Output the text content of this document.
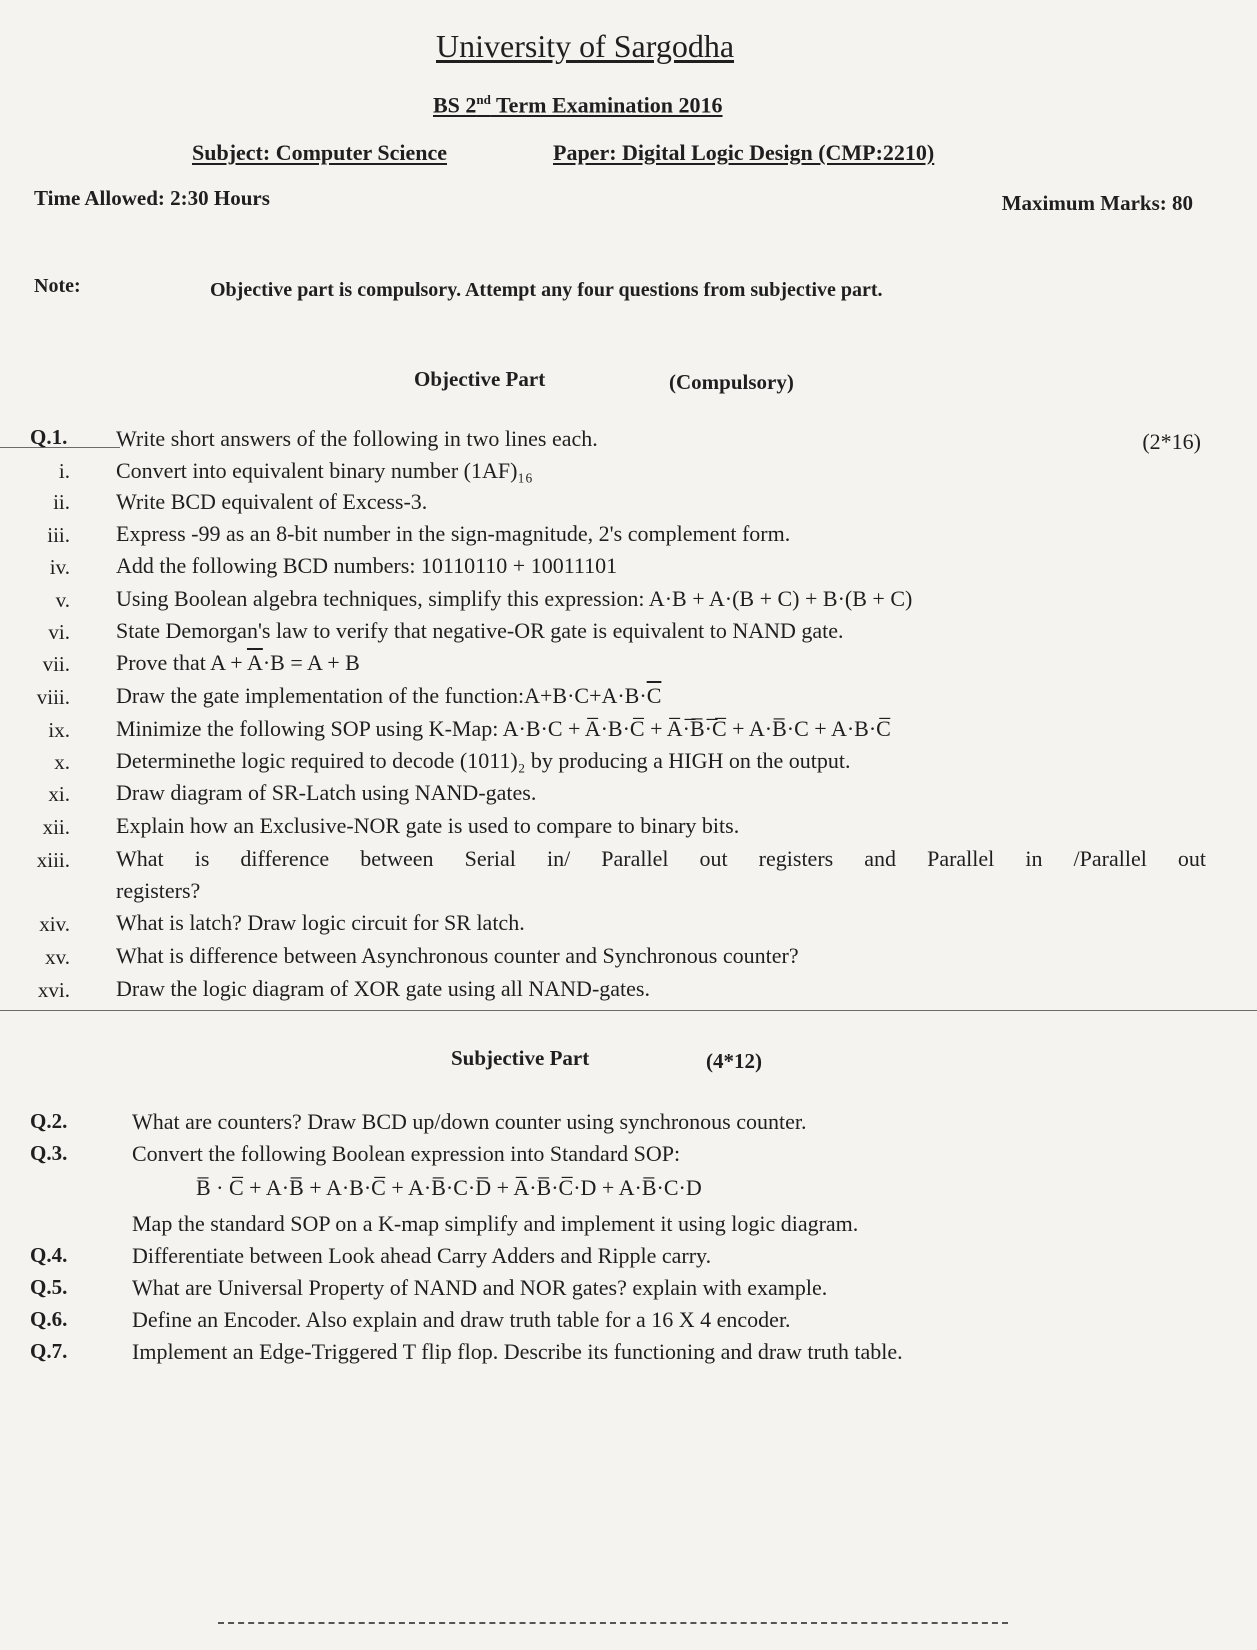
University of Sargodha
BS 2nd Term Examination 2016
Subject: Computer Science	Paper: Digital Logic Design (CMP:2210)
Time Allowed: 2:30 Hours	Maximum Marks: 80
Note:	Objective part is compulsory. Attempt any four questions from subjective part.
Objective Part	(Compulsory)
Q.1. Write short answers of the following in two lines each.	(2*16)
i. Convert into equivalent binary number (1AF)₁₆
ii. Write BCD equivalent of Excess-3.
iii. Express -99 as an 8-bit number in the sign-magnitude, 2's complement form.
iv. Add the following BCD numbers: 10110110 + 10011101
v. Using Boolean algebra techniques, simplify this expression: A·B + A·(B + C) + B·(B + C)
vi. State Demorgan's law to verify that negative-OR gate is equivalent to NAND gate.
vii. Prove that $A + \overline{A}\cdot B = A + B$
viii. Draw the gate implementation of the $function:A+B\cdot C+A\cdot B\cdot\overline{C}$
ix. Minimize the following SOP using K-Map: A·B·C + A̅·B·C̅ + A̅·̅B̅·̅C̅ + A·B̅·C + A·B·C̅
x. Determinethe logic required to decode (1011)₂ by producing a HIGH on the output.
xi. Draw diagram of SR-Latch using NAND-gates.
xii. Explain how an Exclusive-NOR gate is used to compare to binary bits.
xiii. What is difference between Serial in/ Parallel out registers and Parallel in /Parallel out
registers?
xiv. What is latch? Draw logic circuit for SR latch.
xv. What is difference between Asynchronous counter and Synchronous counter?
xvi. Draw the logic diagram of XOR gate using all NAND-gates.
Subjective Part	(4*12)
Q.2.	What are counters? Draw BCD up/down counter using synchronous counter.
Q.3.	Convert the following Boolean expression into Standard SOP:
B̅ · C̅ + A·B̅ + A·B·C̅ + A·B̅·C·D̅ + A̅·B̅·C̅·D + A·B̅·C·D
Map the standard SOP on a K-map simplify and implement it using logic diagram.
Q.4.	Differentiate between Look ahead Carry Adders and Ripple carry.
Q.5.	What are Universal Property of NAND and NOR gates? explain with example.
Q.6.	Define an Encoder. Also explain and draw truth table for a 16 X 4 encoder.
Q.7.	Implement an Edge-Triggered T flip flop. Describe its functioning and draw truth table.
